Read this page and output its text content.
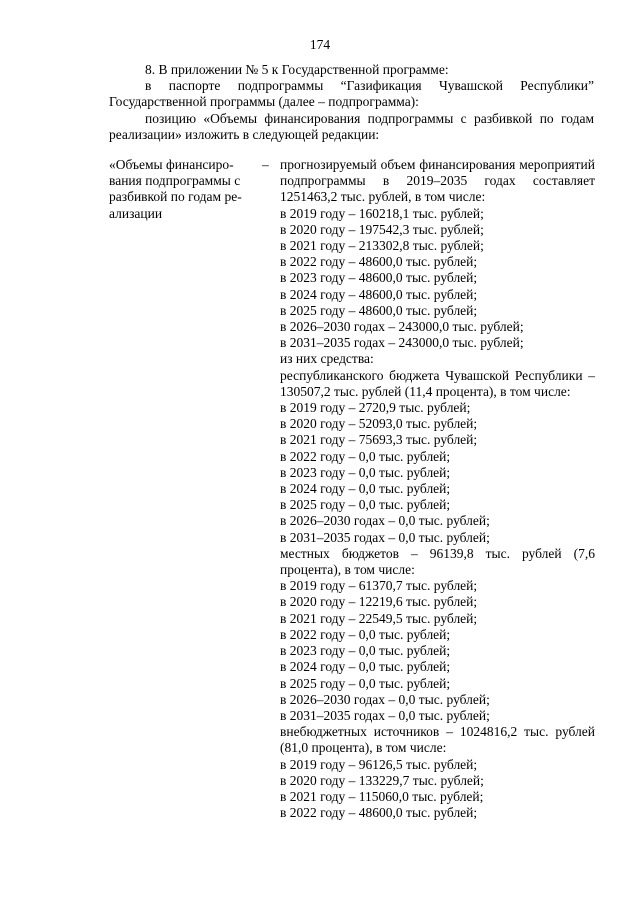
174

8. В приложении № 5 к Государственной программе:

в паспорте подпрограммы “Газификация Чувашской Республики” Государственной программы (далее – подпрограмма):

позицию «Объемы финансирования подпрограммы с разбивкой по годам реализации» изложить в следующей редакции:

«Объемы финансиро-
вания подпрограммы с
разбивкой по годам ре-
ализации
– прогнозируемый объем финансирования мероприятий подпрограммы в 2019–2035 годах составляет 1251463,2 тыс. рублей, в том числе:

в 2019 году – 160218,1 тыс. рублей;
в 2020 году – 197542,3 тыс. рублей;
в 2021 году – 213302,8 тыс. рублей;
в 2022 году – 48600,0 тыс. рублей;
в 2023 году – 48600,0 тыс. рублей;
в 2024 году – 48600,0 тыс. рублей;
в 2025 году – 48600,0 тыс. рублей;
в 2026–2030 годах – 243000,0 тыс. рублей;
в 2031–2035 годах – 243000,0 тыс. рублей;
из них средства:

республиканского бюджета Чувашской Республики – 130507,2 тыс. рублей (11,4 процента), в том числе:

в 2019 году – 2720,9 тыс. рублей;
в 2020 году – 52093,0 тыс. рублей;
в 2021 году – 75693,3 тыс. рублей;
в 2022 году – 0,0 тыс. рублей;
в 2023 году – 0,0 тыс. рублей;
в 2024 году – 0,0 тыс. рублей;
в 2025 году – 0,0 тыс. рублей;
в 2026–2030 годах – 0,0 тыс. рублей;
в 2031–2035 годах – 0,0 тыс. рублей;

местных бюджетов – 96139,8 тыс. рублей (7,6 процента), в том числе:

в 2019 году – 61370,7 тыс. рублей;
в 2020 году – 12219,6 тыс. рублей;
в 2021 году – 22549,5 тыс. рублей;
в 2022 году – 0,0 тыс. рублей;
в 2023 году – 0,0 тыс. рублей;
в 2024 году – 0,0 тыс. рублей;
в 2025 году – 0,0 тыс. рублей;
в 2026–2030 годах – 0,0 тыс. рублей;
в 2031–2035 годах – 0,0 тыс. рублей;

внебюджетных источников – 1024816,2 тыс. рублей (81,0 процента), в том числе:

в 2019 году – 96126,5 тыс. рублей;
в 2020 году – 133229,7 тыс. рублей;
в 2021 году – 115060,0 тыс. рублей;
в 2022 году – 48600,0 тыс. рублей;
